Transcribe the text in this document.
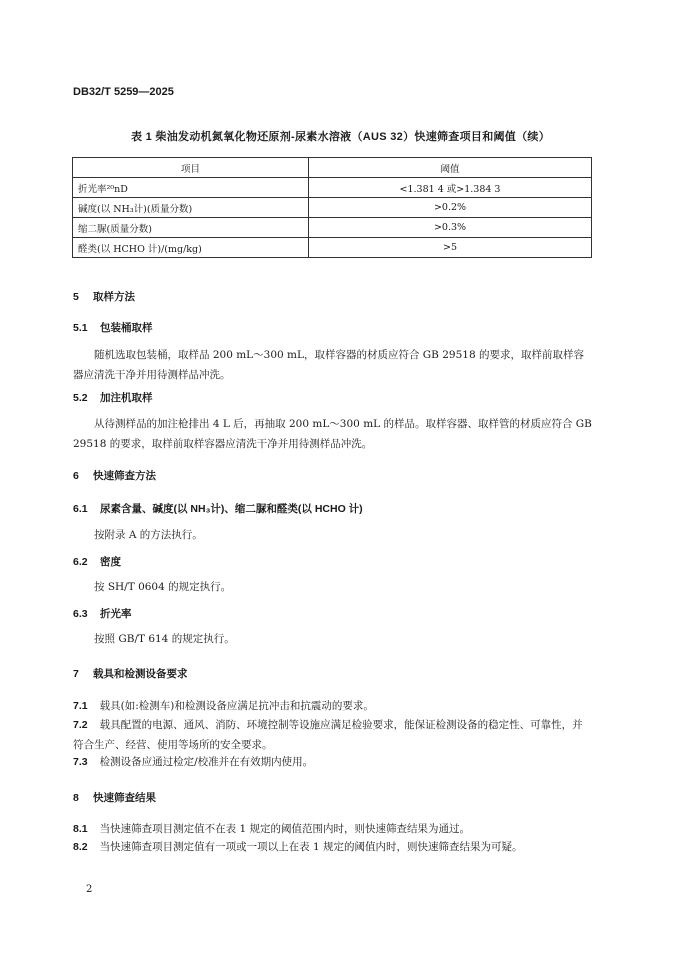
DB32/T 5259—2025
表 1 柴油发动机氮氧化物还原剂-尿素水溶液（AUS 32）快速筛查项目和阈值（续）
项目	阈值
折光率²⁰nD	<1.381 4 或>1.384 3
碱度(以 NH₃计)(质量分数)	>0.2%
缩二脲(质量分数)	>0.3%
醛类(以 HCHO 计)/(mg/kg)	>5
5 取样方法
5.1 包装桶取样
随机选取包装桶，取样品 200 mL～300 mL，取样容器的材质应符合 GB 29518 的要求，取样前取样容器应清洗干净并用待测样品冲洗。
5.2 加注机取样
从待测样品的加注枪排出 4 L 后，再抽取 200 mL～300 mL 的样品。取样容器、取样管的材质应符合 GB 29518 的要求，取样前取样容器应清洗干净并用待测样品冲洗。
6 快速筛查方法
6.1 尿素含量、碱度(以 NH₃计)、缩二脲和醛类(以 HCHO 计)
按附录 A 的方法执行。
6.2 密度
按 SH/T 0604 的规定执行。
6.3 折光率
按照 GB/T 614 的规定执行。
7 载具和检测设备要求
7.1 载具(如:检测车)和检测设备应满足抗冲击和抗震动的要求。
7.2 载具配置的电源、通风、消防、环境控制等设施应满足检验要求，能保证检测设备的稳定性、可靠性，并符合生产、经营、使用等场所的安全要求。
7.3 检测设备应通过检定/校准并在有效期内使用。
8 快速筛查结果
8.1 当快速筛查项目测定值不在表 1 规定的阈值范围内时，则快速筛查结果为通过。
8.2 当快速筛查项目测定值有一项或一项以上在表 1 规定的阈值内时，则快速筛查结果为可疑。
2
